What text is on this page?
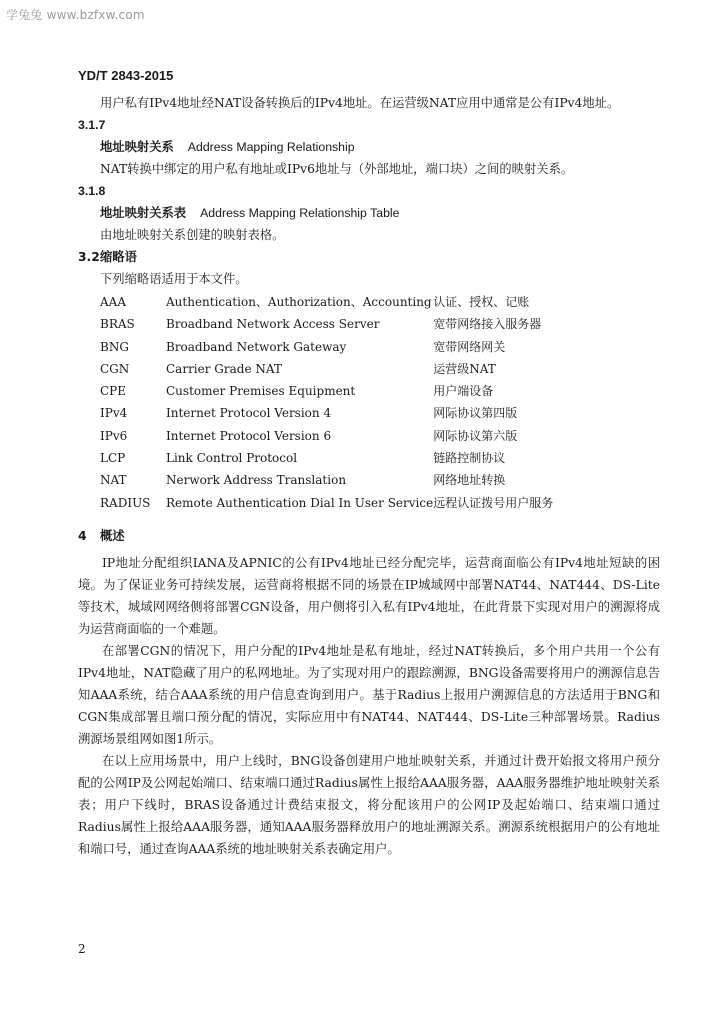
学兔兔 www.bzfxw.com
YD/T 2843-2015

用户私有IPv4地址经NAT设备转换后的IPv4地址。在运营级NAT应用中通常是公有IPv4地址。

3.1.7

地址映射关系 Address Mapping Relationship

NAT转换中绑定的用户私有地址或IPv6地址与（外部地址，端口块）之间的映射关系。

3.1.8

地址映射关系表 Address Mapping Relationship Table

由地址映射关系创建的映射表格。

3.2缩略语

下列缩略语适用于本文件。

AAA	Authentication、Authorization、Accounting	认证、授权、记账
BRAS	Broadband Network Access Server	宽带网络接入服务器
BNG	Broadband Network Gateway	宽带网络网关
CGN	Carrier Grade NAT	运营级NAT
CPE	Customer Premises Equipment	用户端设备
IPv4	Internet Protocol Version 4	网际协议第四版
IPv6	Internet Protocol Version 6	网际协议第六版
LCP	Link Control Protocol	链路控制协议
NAT	Nerwork Address Translation	网络地址转换
RADIUS	Remote Authentication Dial In User Service	远程认证拨号用户服务

4 概述

IP地址分配组织IANA及APNIC的公有IPv4地址已经分配完毕，运营商面临公有IPv4地址短缺的困境。为了保证业务可持续发展，运营商将根据不同的场景在IP城域网中部署NAT44、NAT444、DS-Lite等技术，城域网网络侧将部署CGN设备，用户侧将引入私有IPv4地址，在此背景下实现对用户的溯源将成为运营商面临的一个难题。

在部署CGN的情况下，用户分配的IPv4地址是私有地址，经过NAT转换后，多个用户共用一个公有IPv4地址，NAT隐藏了用户的私网地址。为了实现对用户的跟踪溯源，BNG设备需要将用户的溯源信息告知AAA系统，结合AAA系统的用户信息查询到用户。基于Radius上报用户溯源信息的方法适用于BNG和CGN集成部署且端口预分配的情况，实际应用中有NAT44、NAT444、DS-Lite三种部署场景。Radius溯源场景组网如图1所示。

在以上应用场景中，用户上线时，BNG设备创建用户地址映射关系，并通过计费开始报文将用户预分配的公网IP及公网起始端口、结束端口通过Radius属性上报给AAA服务器，AAA服务器维护地址映射关系表；用户下线时，BRAS设备通过计费结束报文，将分配该用户的公网IP及起始端口、结束端口通过Radius属性上报给AAA服务器，通知AAA服务器释放用户的地址溯源关系。溯源系统根据用户的公有地址和端口号，通过查询AAA系统的地址映射关系表确定用户。

2
